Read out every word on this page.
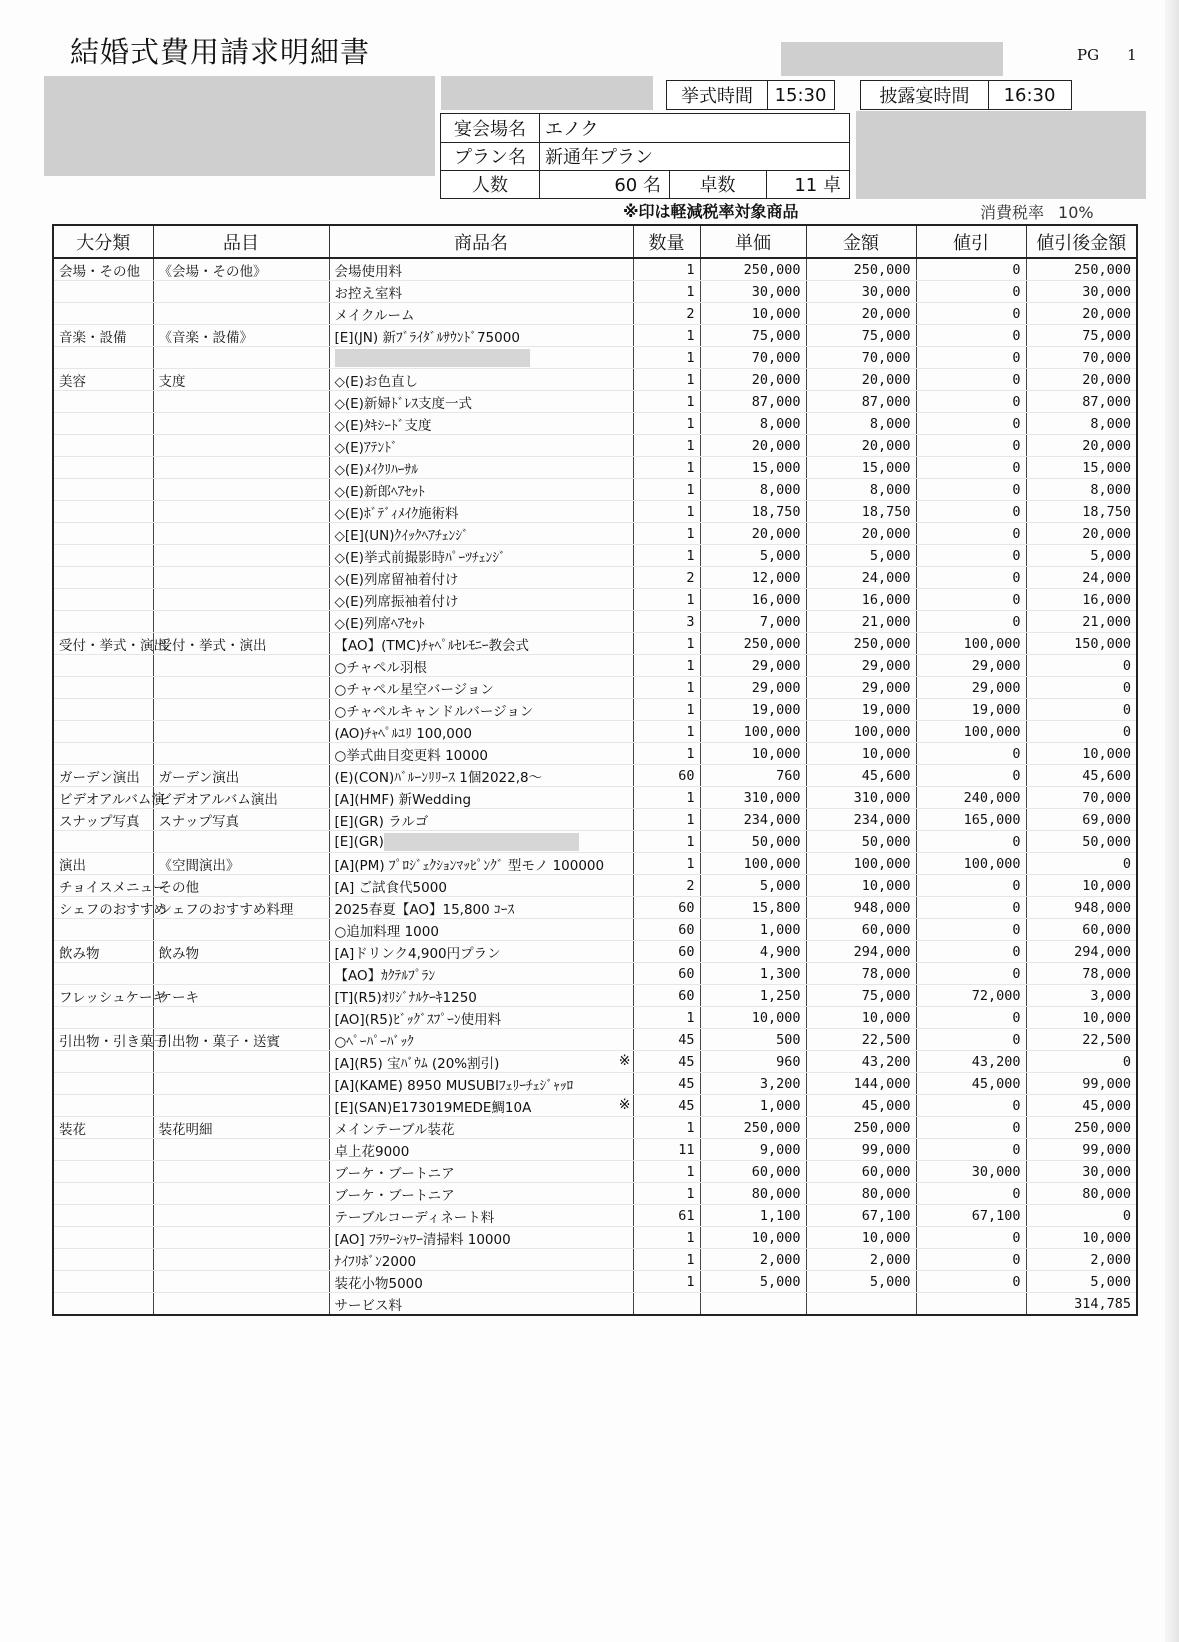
結婚式費用請求明細書	PG 1
挙式時間	15:30	披露宴時間	16:30
宴会場名	エノク
プラン名	新通年プラン
人数	60 名	卓数	11 卓
※印は軽減税率対象商品	消費税率 10%
大分類	品目	商品名	数量	単価	金額	値引	値引後金額
会場・その他	《会場・その他》	会場使用料	1	250,000	250,000	0	250,000
		お控え室料	1	30,000	30,000	0	30,000
		メイクルーム	2	10,000	20,000	0	20,000
音楽・設備	《音楽・設備》	[E](JN) 新ﾌﾞﾗｲﾀﾞﾙｻｳﾝﾄﾞ75000	1	75,000	75,000	0	75,000
			1	70,000	70,000	0	70,000
美容	支度	◇(E)お色直し	1	20,000	20,000	0	20,000
		◇(E)新婦ﾄﾞﾚｽ支度一式	1	87,000	87,000	0	87,000
		◇(E)ﾀｷｼｰﾄﾞ支度	1	8,000	8,000	0	8,000
		◇(E)ｱﾃﾝﾄﾞ	1	20,000	20,000	0	20,000
		◇(E)ﾒｲｸﾘﾊｰｻﾙ	1	15,000	15,000	0	15,000
		◇(E)新郎ﾍｱｾｯﾄ	1	8,000	8,000	0	8,000
		◇(E)ﾎﾞﾃﾞｨﾒｲｸ施術料	1	18,750	18,750	0	18,750
		◇[E](UN)ｸｲｯｸﾍｱﾁｪﾝｼﾞ	1	20,000	20,000	0	20,000
		◇(E)挙式前撮影時ﾊﾟｰﾂﾁｪﾝｼﾞ	1	5,000	5,000	0	5,000
		◇(E)列席留袖着付け	2	12,000	24,000	0	24,000
		◇(E)列席振袖着付け	1	16,000	16,000	0	16,000
		◇(E)列席ﾍｱｾｯﾄ	3	7,000	21,000	0	21,000
受付・挙式・演出	受付・挙式・演出	【AO】(TMC)ﾁｬﾍﾟﾙｾﾚﾓﾆｰ教会式	1	250,000	250,000	100,000	150,000
		○チャペル羽根	1	29,000	29,000	29,000	0
		○チャペル星空バージョン	1	29,000	29,000	29,000	0
		○チャペルキャンドルバージョン	1	19,000	19,000	19,000	0
		(AO)ﾁｬﾍﾟﾙﾕﾘ 100,000	1	100,000	100,000	100,000	0
		○挙式曲目変更料 10000	1	10,000	10,000	0	10,000
ガーデン演出	ガーデン演出	(E)(CON)ﾊﾞﾙｰﾝﾘﾘｰｽ 1個2022,8～	60	760	45,600	0	45,600
ビデオアルバム演	ビデオアルバム演出	[A](HMF) 新Wedding	1	310,000	310,000	240,000	70,000
スナップ写真	スナップ写真	[E](GR) ラルゴ	1	234,000	234,000	165,000	69,000
		[E](GR)	1	50,000	50,000	0	50,000
演出	《空間演出》	[A](PM) ﾌﾟﾛｼﾞｪｸｼｮﾝﾏｯﾋﾟﾝｸﾞ 型モノ 100000	1	100,000	100,000	100,000	0
チョイスメニュー	その他	[A] ご試食代5000	2	5,000	10,000	0	10,000
シェフのおすすめ	シェフのおすすめ料理	2025春夏【AO】15,800 ｺｰｽ	60	15,800	948,000	0	948,000
		○追加料理 1000	60	1,000	60,000	0	60,000
飲み物	飲み物	[A]ドリンク4,900円プラン	60	4,900	294,000	0	294,000
		【AO】ｶｸﾃﾙﾌﾟﾗﾝ	60	1,300	78,000	0	78,000
フレッシュケーキ	ケーキ	[T](R5)ｵﾘｼﾞﾅﾙｹｰｷ1250	60	1,250	75,000	72,000	3,000
		[AO](R5)ﾋﾞｯｸﾞｽﾌﾟｰﾝ使用料	1	10,000	10,000	0	10,000
引出物・引き菓子	引出物・菓子・送賓	○ﾍﾟｰﾊﾟｰﾊﾞｯｸ	45	500	22,500	0	22,500
		[A](R5) 宝ﾊﾞｳﾑ (20%割引) ※	45	960	43,200	43,200	0
		[A](KAME) 8950 MUSUBIﾌｪﾘｰﾁｪｼﾞｬｯﾛ	45	3,200	144,000	45,000	99,000
		[E](SAN)E173019MEDE鯛10A ※	45	1,000	45,000	0	45,000
装花	装花明細	メインテーブル装花	1	250,000	250,000	0	250,000
		卓上花9000	11	9,000	99,000	0	99,000
		ブーケ・ブートニア	1	60,000	60,000	30,000	30,000
		ブーケ・ブートニア	1	80,000	80,000	0	80,000
		テーブルコーディネート料	61	1,100	67,100	67,100	0
		[AO] ﾌﾗﾜｰｼｬﾜｰ清掃料 10000	1	10,000	10,000	0	10,000
		ﾅｲﾌﾘﾎﾞﾝ2000	1	2,000	2,000	0	2,000
		装花小物5000	1	5,000	5,000	0	5,000
		サービス料					314,785
